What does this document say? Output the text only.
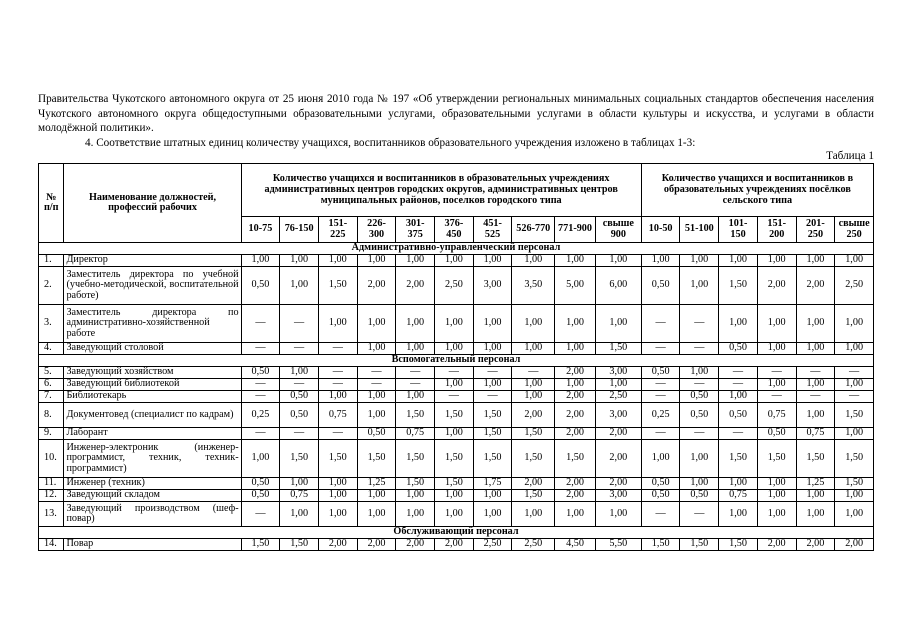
Правительства Чукотского автономного округа от 25 июня 2010 года № 197 «Об утверждении региональных минимальных социальных стандартов обеспечения населения Чукотского автономного округа общедоступными образовательными услугами, образовательными услугами в области культуры и искусства, и услугами в области молодёжной политики».

4. Соответствие штатных единиц количеству учащихся, воспитанников образовательного учреждения изложено в таблицах 1-3:

Таблица 1

№ п/п	Наименование должностей, профессий рабочих	Количество учащихся и воспитанников в образовательных учреждениях административных центров городских округов, административных центров муниципальных районов, поселков городского типа										Количество учащихся и воспитанников в образовательных учреждениях посёлков сельского типа					
		10-75	76-150	151-225	226-300	301-375	376-450	451-525	526-770	771-900	свыше 900	10-50	51-100	101-150	151-200	201-250	свыше 250
Административно-управленческий персонал																	
1.	Директор	1,00	1,00	1,00	1,00	1,00	1,00	1,00	1,00	1,00	1,00	1,00	1,00	1,00	1,00	1,00	1,00
2.	Заместитель директора по учебной (учебно-методической, воспитательной работе)	0,50	1,00	1,50	2,00	2,00	2,50	3,00	3,50	5,00	6,00	0,50	1,00	1,50	2,00	2,00	2,50
3.	Заместитель директора по административно-хозяйственной работе	—	—	1,00	1,00	1,00	1,00	1,00	1,00	1,00	1,00	—	—	1,00	1,00	1,00	1,00
4.	Заведующий столовой	—	—	—	1,00	1,00	1,00	1,00	1,00	1,00	1,50	—	—	0,50	1,00	1,00	1,00
Вспомогательный персонал																	
5.	Заведующий хозяйством	0,50	1,00	—	—	—	—	—	—	2,00	3,00	0,50	1,00	—	—	—	—
6.	Заведующий библиотекой	—	—	—	—	—	1,00	1,00	1,00	1,00	1,00	—	—	—	1,00	1,00	1,00
7.	Библиотекарь	—	0,50	1,00	1,00	1,00	—	—	1,00	2,00	2,50	—	0,50	1,00	—	—	—
8.	Документовед (специалист по кадрам)	0,25	0,50	0,75	1,00	1,50	1,50	1,50	2,00	2,00	3,00	0,25	0,50	0,50	0,75	1,00	1,50
9.	Лаборант	—	—	—	0,50	0,75	1,00	1,50	1,50	2,00	2,00	—	—	—	0,50	0,75	1,00
10.	Инженер-электроник (инженер-программист, техник, техник-программист)	1,00	1,50	1,50	1,50	1,50	1,50	1,50	1,50	1,50	2,00	1,00	1,00	1,50	1,50	1,50	1,50
11.	Инженер (техник)	0,50	1,00	1,00	1,25	1,50	1,50	1,75	2,00	2,00	2,00	0,50	1,00	1,00	1,00	1,25	1,50
12.	Заведующий складом	0,50	0,75	1,00	1,00	1,00	1,00	1,00	1,50	2,00	3,00	0,50	0,50	0,75	1,00	1,00	1,00
13.	Заведующий производством (шеф-повар)	—	1,00	1,00	1,00	1,00	1,00	1,00	1,00	1,00	1,00	—	—	1,00	1,00	1,00	1,00
Обслуживающий персонал																	
14.	Повар	1,50	1,50	2,00	2,00	2,00	2,00	2,50	2,50	4,50	5,50	1,50	1,50	1,50	2,00	2,00	2,00
